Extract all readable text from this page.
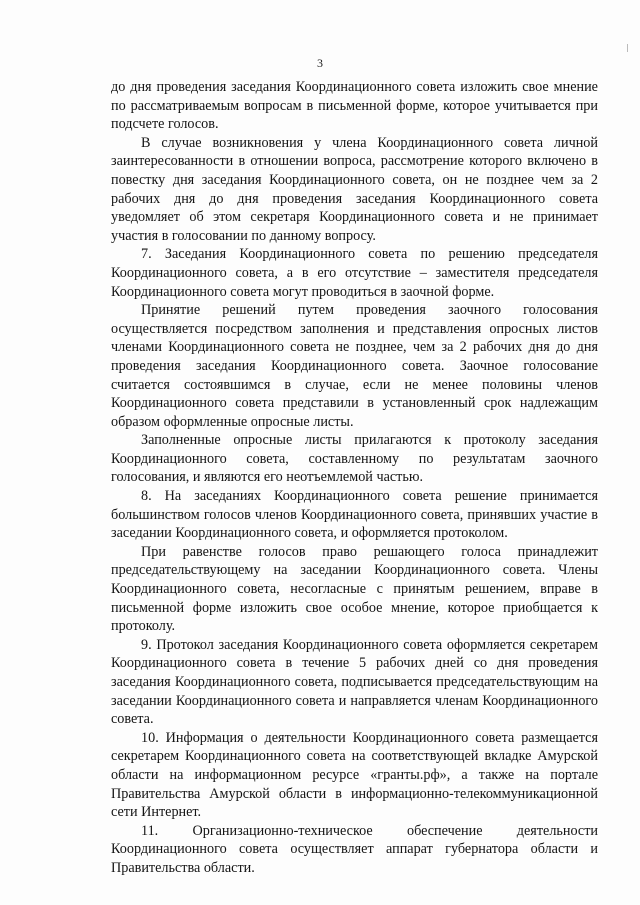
3

до дня проведения заседания Координационного совета изложить свое мнение по рассматриваемым вопросам в письменной форме, которое учитывается при подсчете голосов.

В случае возникновения у члена Координационного совета личной заинтересованности в отношении вопроса, рассмотрение которого включено в повестку дня заседания Координационного совета, он не позднее чем за 2 рабочих дня до дня проведения заседания Координационного совета уведомляет об этом секретаря Координационного совета и не принимает участия в голосовании по данному вопросу.

7. Заседания Координационного совета по решению председателя Координационного совета, а в его отсутствие – заместителя председателя Координационного совета могут проводиться в заочной форме.

Принятие решений путем проведения заочного голосования осуществляется посредством заполнения и представления опросных листов членами Координационного совета не позднее, чем за 2 рабочих дня до дня проведения заседания Координационного совета. Заочное голосование считается состоявшимся в случае, если не менее половины членов Координационного совета представили в установленный срок надлежащим образом оформленные опросные листы.

Заполненные опросные листы прилагаются к протоколу заседания Координационного совета, составленному по результатам заочного голосования, и являются его неотъемлемой частью.

8. На заседаниях Координационного совета решение принимается большинством голосов членов Координационного совета, принявших участие в заседании Координационного совета, и оформляется протоколом.

При равенстве голосов право решающего голоса принадлежит председательствующему на заседании Координационного совета. Члены Координационного совета, несогласные с принятым решением, вправе в письменной форме изложить свое особое мнение, которое приобщается к протоколу.

9. Протокол заседания Координационного совета оформляется секретарем Координационного совета в течение 5 рабочих дней со дня проведения заседания Координационного совета, подписывается председательствующим на заседании Координационного совета и направляется членам Координационного совета.

10. Информация о деятельности Координационного совета размещается секретарем Координационного совета на соответствующей вкладке Амурской области на информационном ресурсе «гранты.рф», а также на портале Правительства Амурской области в информационно-телекоммуникационной сети Интернет.

11. Организационно-техническое обеспечение деятельности Координационного совета осуществляет аппарат губернатора области и Правительства области.
